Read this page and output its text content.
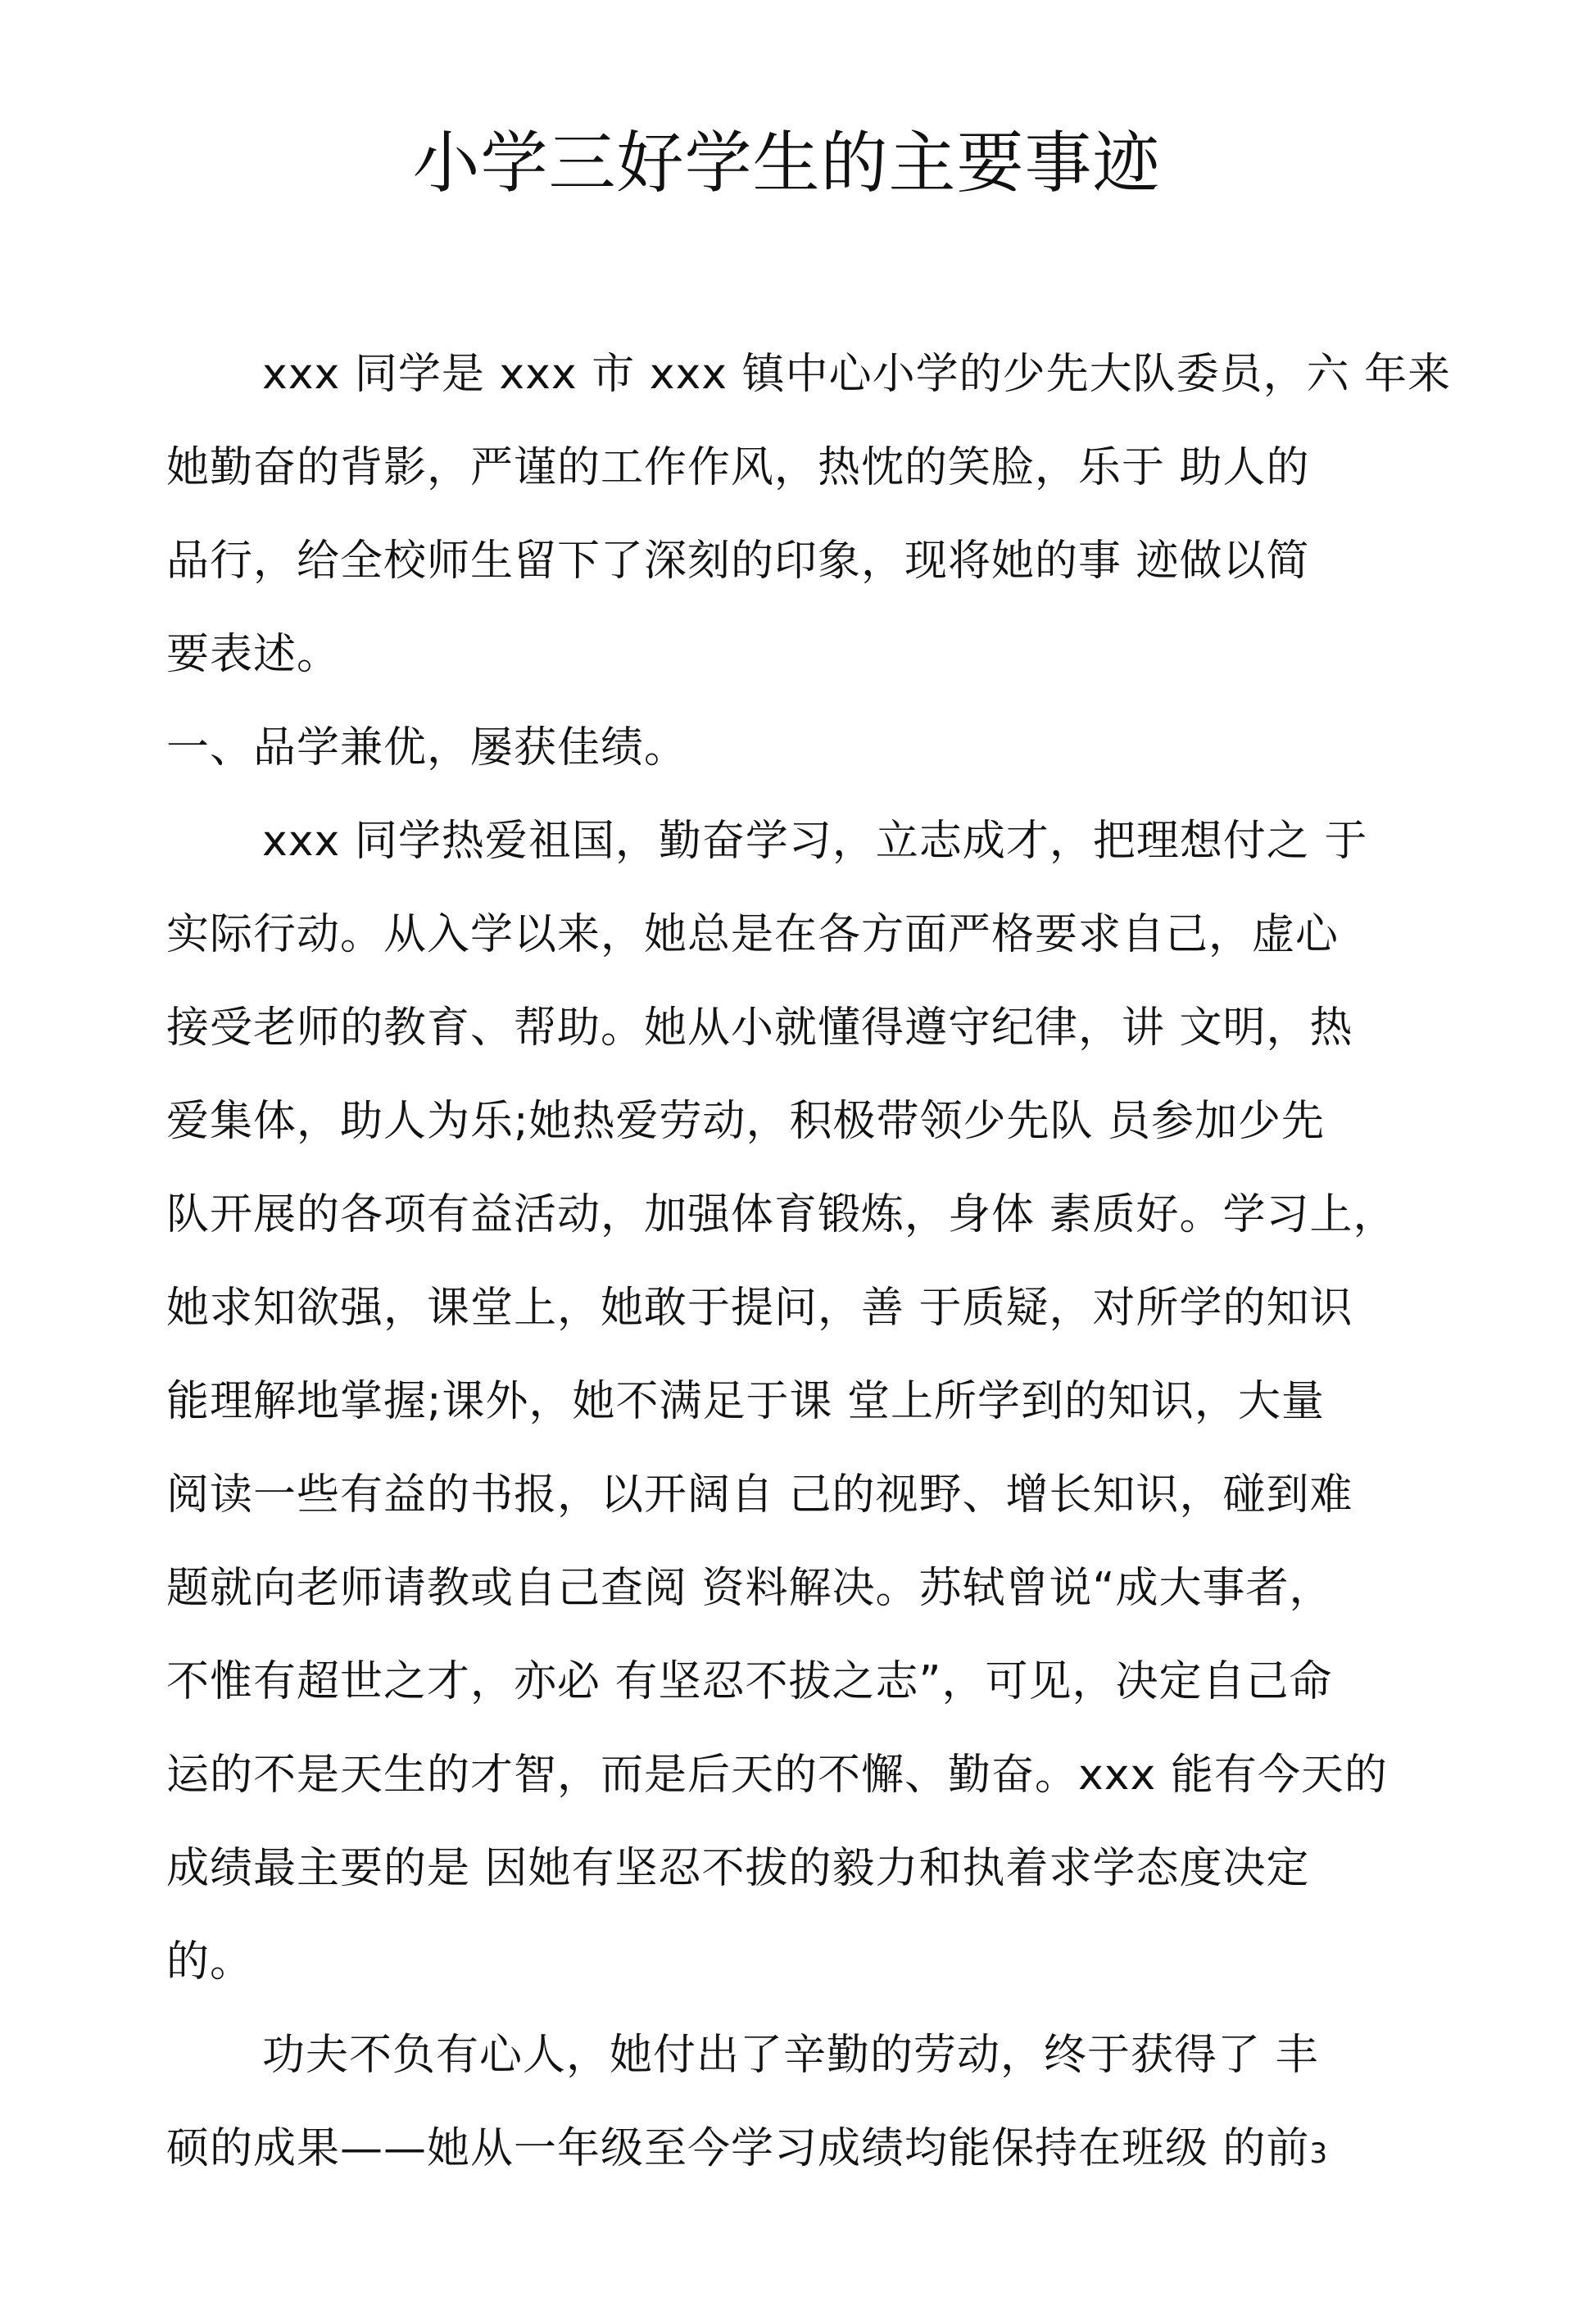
小学三好学生的主要事迹

xxx 同学是 xxx 市 xxx 镇中心小学的少先大队委员，六 年来

她勤奋的背影，严谨的工作作风，热忱的笑脸，乐于 助人的

品行，给全校师生留下了深刻的印象，现将她的事 迹做以简

要表述。

一、品学兼优，屡获佳绩。

xxx 同学热爱祖国，勤奋学习，立志成才，把理想付之 于

实际行动。从入学以来，她总是在各方面严格要求自己，虚心

接受老师的教育、帮助。她从小就懂得遵守纪律，讲 文明，热

爱集体，助人为乐;她热爱劳动，积极带领少先队 员参加少先

队开展的各项有益活动，加强体育锻炼，身体 素质好。学习上，

她求知欲强，课堂上，她敢于提问，善 于质疑，对所学的知识

能理解地掌握;课外，她不满足于课 堂上所学到的知识，大量

阅读一些有益的书报，以开阔自 己的视野、增长知识，碰到难

题就向老师请教或自己查阅 资料解决。苏轼曾说“成大事者，

不惟有超世之才，亦必 有坚忍不拔之志”，可见，决定自己命

运的不是天生的才智，而是后天的不懈、勤奋。xxx 能有今天的

成绩最主要的是 因她有坚忍不拔的毅力和执着求学态度决定

的。

功夫不负有心人，她付出了辛勤的劳动，终于获得了 丰

硕的成果——她从一年级至今学习成绩均能保持在班级 的前3
